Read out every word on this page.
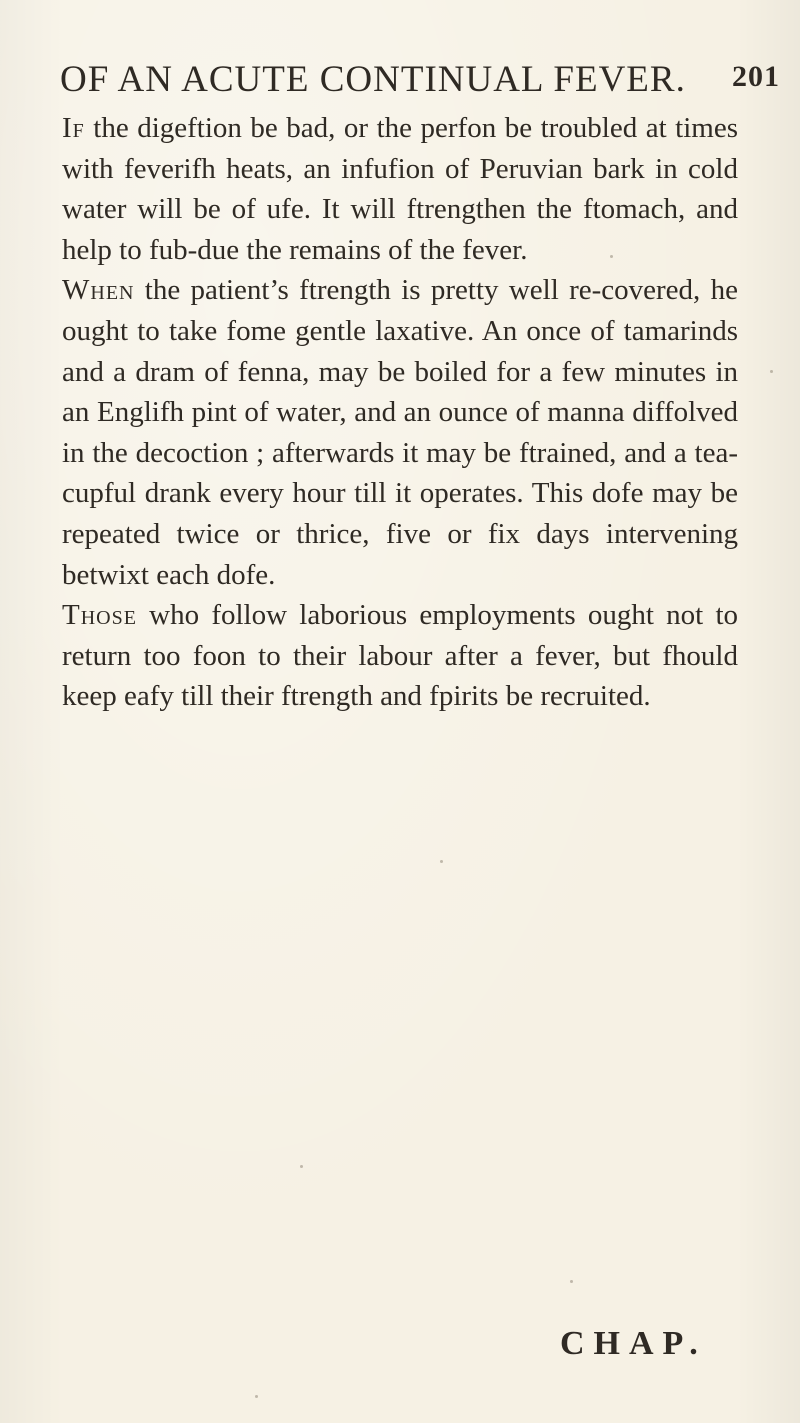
OF AN ACUTE CONTINUAL FEVER. 201

If the digeftion be bad, or the perfon be troubled at times with feverifh heats, an infufion of Peruvian bark in cold water will be of ufe. It will ftrengthen the ftomach, and help to fub-due the remains of the fever.

When the patient’s ftrength is pretty well re-covered, he ought to take fome gentle laxative. An once of tamarinds and a dram of fenna, may be boiled for a few minutes in an Englifh pint of water, and an ounce of manna diffolved in the decoction ; afterwards it may be ftrained, and a tea-cupful drank every hour till it operates. This dofe may be repeated twice or thrice, five or fix days intervening betwixt each dofe.

Those who follow laborious employments ought not to return too foon to their labour after a fever, but fhould keep eafy till their ftrength and fpirits be recruited.

CHAP.
